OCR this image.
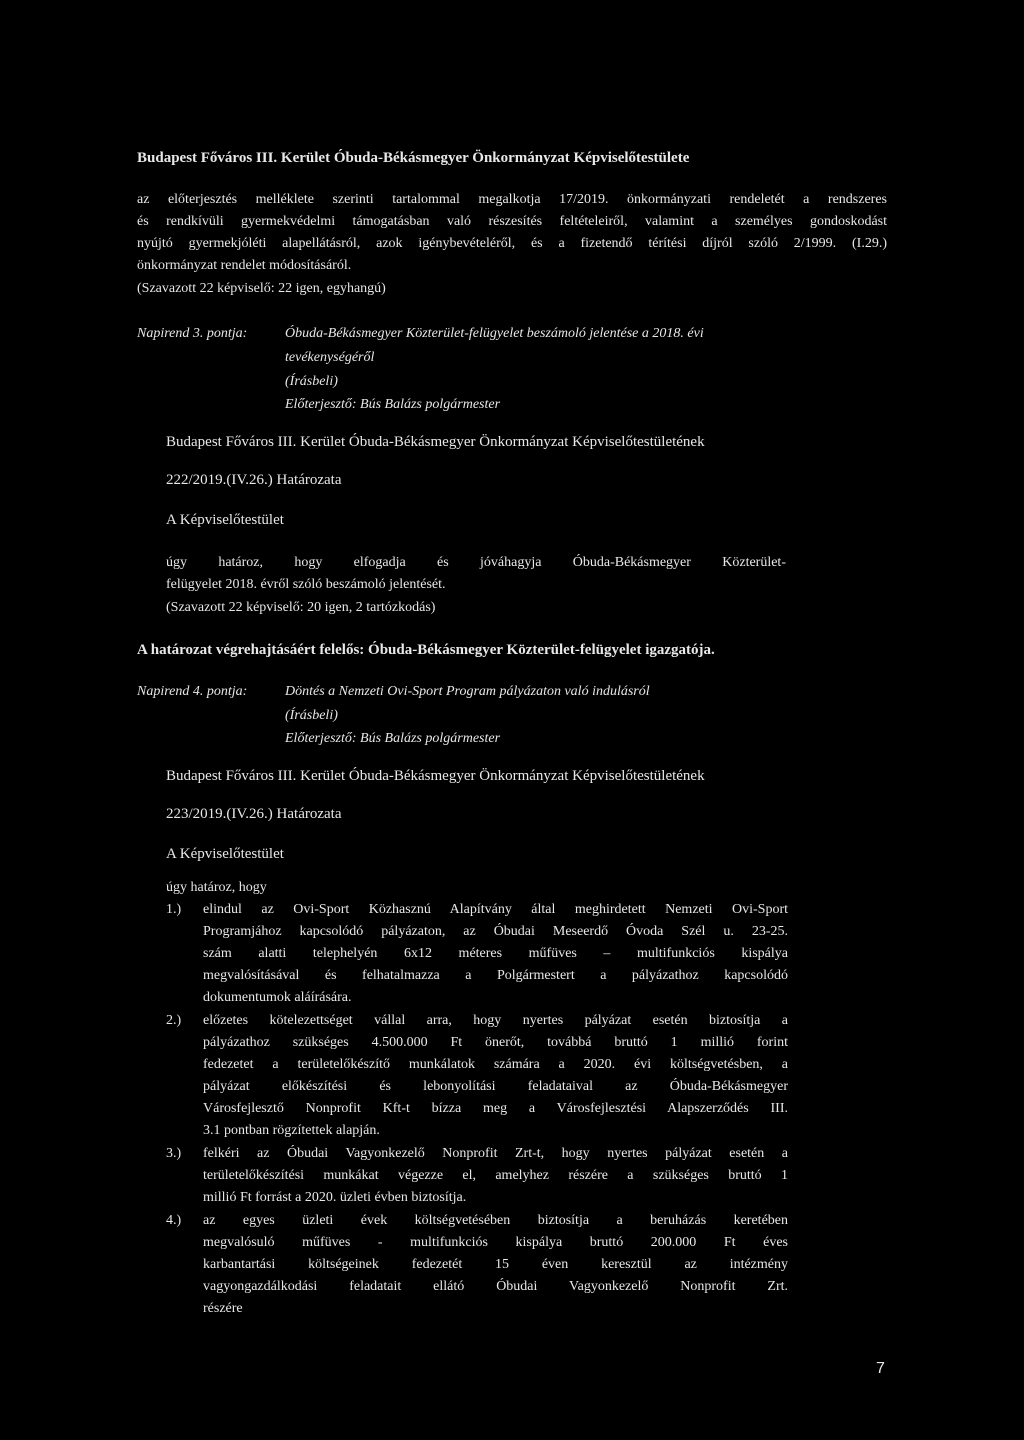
Budapest Főváros III. Kerület Óbuda-Békásmegyer Önkormányzat Képviselőtestülete
az előterjesztés melléklete szerinti tartalommal megalkotja 17/2019. önkormányzati rendeletét a rendszeres
és rendkívüli gyermekvédelmi támogatásban való részesítés feltételeiről, valamint a személyes gondoskodást
nyújtó gyermekjóléti alapellátásról, azok igénybevételéről, és a fizetendő térítési díjról szóló 2/1999. (I.29.)
önkormányzat rendelet módosításáról.
(Szavazott 22 képviselő: 22 igen, egyhangú)
Napirend 3. pontja:	Óbuda-Békásmegyer Közterület-felügyelet beszámoló jelentése a 2018. évi
tevékenységéről
(Írásbeli)
Előterjesztő: Bús Balázs polgármester
Budapest Főváros III. Kerület Óbuda-Békásmegyer Önkormányzat Képviselőtestületének
222/2019.(IV.26.) Határozata
A Képviselőtestület
úgy határoz, hogy elfogadja és jóváhagyja Óbuda-Békásmegyer Közterület-
felügyelet 2018. évről szóló beszámoló jelentését.
(Szavazott 22 képviselő: 20 igen, 2 tartózkodás)
A határozat végrehajtásáért felelős: Óbuda-Békásmegyer Közterület-felügyelet igazgatója.
Napirend 4. pontja:	Döntés a Nemzeti Ovi-Sport Program pályázaton való indulásról
(Írásbeli)
Előterjesztő: Bús Balázs polgármester
Budapest Főváros III. Kerület Óbuda-Békásmegyer Önkormányzat Képviselőtestületének
223/2019.(IV.26.) Határozata
A Képviselőtestület
úgy határoz, hogy
1.) elindul az Ovi-Sport Közhasznú Alapítvány által meghirdetett Nemzeti Ovi-Sport
Programjához kapcsolódó pályázaton, az Óbudai Meseerdő Óvoda Szél u. 23-25.
szám alatti telephelyén 6x12 méteres műfüves – multifunkciós kispálya
megvalósításával és felhatalmazza a Polgármestert a pályázathoz kapcsolódó
dokumentumok aláírására.
2.) előzetes kötelezettséget vállal arra, hogy nyertes pályázat esetén biztosítja a
pályázathoz szükséges 4.500.000 Ft önerőt, továbbá bruttó 1 millió forint
fedezetet a területelőkészítő munkálatok számára a 2020. évi költségvetésben, a
pályázat előkészítési és lebonyolítási feladataival az Óbuda-Békásmegyer
Városfejlesztő Nonprofit Kft-t bízza meg a Városfejlesztési Alapszerződés III.
3.1 pontban rögzítettek alapján.
3.) felkéri az Óbudai Vagyonkezelő Nonprofit Zrt-t, hogy nyertes pályázat esetén a
területelőkészítési munkákat végezze el, amelyhez részére a szükséges bruttó 1
millió Ft forrást a 2020. üzleti évben biztosítja.
4.) az egyes üzleti évek költségvetésében biztosítja a beruházás keretében
megvalósuló műfüves - multifunkciós kispálya bruttó 200.000 Ft éves
karbantartási költségeinek fedezetét 15 éven keresztül az intézmény
vagyongazdálkodási feladatait ellátó Óbudai Vagyonkezelő Nonprofit Zrt.
részére
7
